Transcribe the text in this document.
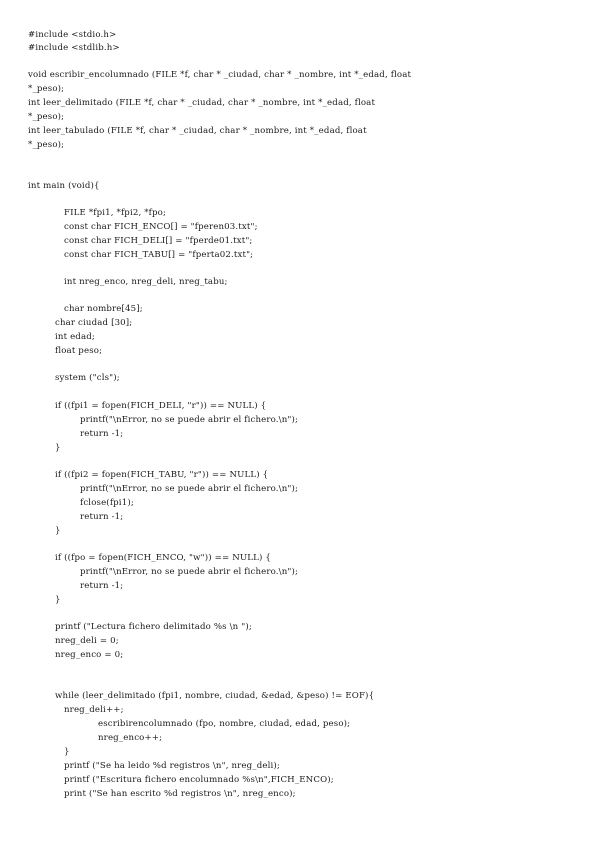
#include <stdio.h>
#include <stdlib.h>
void escribir_encolumnado (FILE *f, char * _ciudad, char * _nombre, int *_edad, float
*_peso);
int leer_delimitado (FILE *f, char * _ciudad, char * _nombre, int *_edad, float
*_peso);
int leer_tabulado (FILE *f, char * _ciudad, char * _nombre, int *_edad, float
*_peso);
int main (void){
FILE *fpi1, *fpi2, *fpo;
const char FICH_ENCO[] = "fperen03.txt";
const char FICH_DELI[] = "fperde01.txt";
const char FICH_TABU[] = "fperta02.txt";
int nreg_enco, nreg_deli, nreg_tabu;
char nombre[45];
char ciudad [30];
int edad;
float peso;
system ("cls");
if ((fpi1 = fopen(FICH_DELI, "r")) == NULL) {
printf("\nError, no se puede abrir el fichero.\n");
return -1;
}
if ((fpi2 = fopen(FICH_TABU, "r")) == NULL) {
printf("\nError, no se puede abrir el fichero.\n");
fclose(fpi1);
return -1;
}
if ((fpo = fopen(FICH_ENCO, "w")) == NULL) {
printf("\nError, no se puede abrir el fichero.\n");
return -1;
}
printf ("Lectura fichero delimitado %s \n ");
nreg_deli = 0;
nreg_enco = 0;
while (leer_delimitado (fpi1, nombre, ciudad, &edad, &peso) != EOF){
nreg_deli++;
escribirencolumnado (fpo, nombre, ciudad, edad, peso);
nreg_enco++;
}
printf ("Se ha leido %d registros \n", nreg_deli);
printf ("Escritura fichero encolumnado %s\n",FICH_ENCO);
print ("Se han escrito %d registros \n", nreg_enco);
